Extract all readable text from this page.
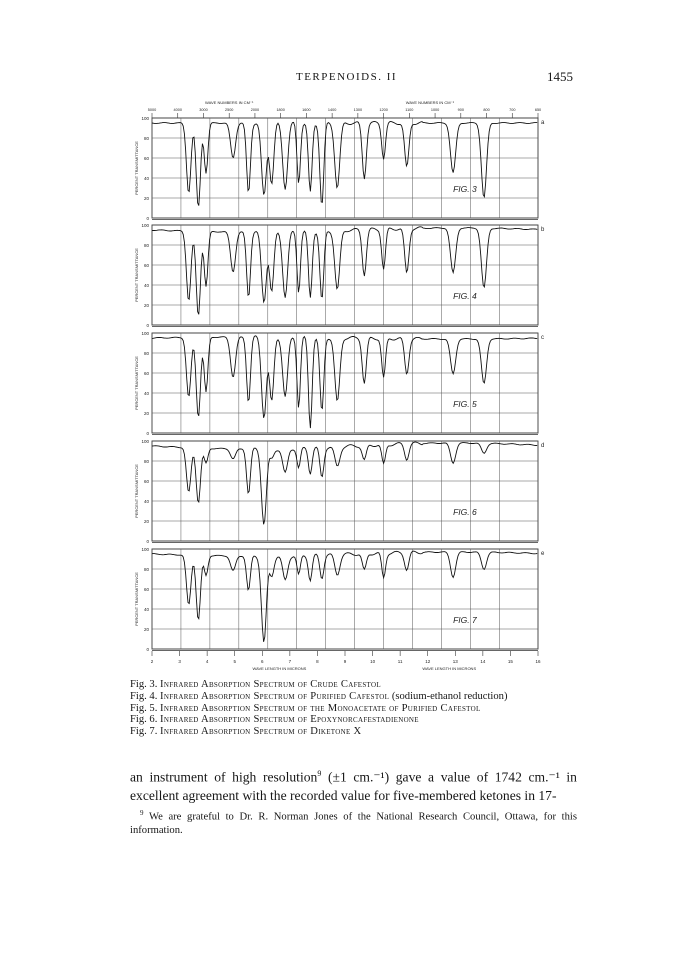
TERPENOIDS. II	1455
100
80
60
40
20
0
PERCENT TRANSMITTANCE
a
FIG. 3
100
80
60
40
20
0
PERCENT TRANSMITTANCE
b
FIG. 4
100
80
60
40
20
0
PERCENT TRANSMITTANCE
c
FIG. 5
100
80
60
40
20
0
PERCENT TRANSMITTANCE
d
FIG. 6
100
80
60
40
20
0
PERCENT TRANSMITTANCE
e
FIG. 7
5000	4000	3000	2500	2000	1800	1600	1400	1300	1200	1100	1000	900	800	700	650
WAVE NUMBERS IN CM⁻¹	WAVE NUMBERS IN CM⁻¹
2	3	4	5	6	7	8	9	10	11	12	13	14	15	16
WAVE LENGTH IN MICRONS	WAVE LENGTH IN MICRONS

Fig. 3. Infrared Absorption Spectrum of Crude Cafestol

Fig. 4. Infrared Absorption Spectrum of Purified Cafestol (sodium-ethanol reduction)

Fig. 5. Infrared Absorption Spectrum of the Monoacetate of Purified Cafestol

Fig. 6. Infrared Absorption Spectrum of Epoxynorcafestadienone

Fig. 7. Infrared Absorption Spectrum of Diketone X

an instrument of high resolution$^9$ (±1 cm.⁻¹) gave a value of 1742 cm.⁻¹ in excellent agreement with the recorded value for five-membered ketones in 17-

$^9$ We are grateful to Dr. R. Norman Jones of the National Research Council, Ottawa, for this information.
